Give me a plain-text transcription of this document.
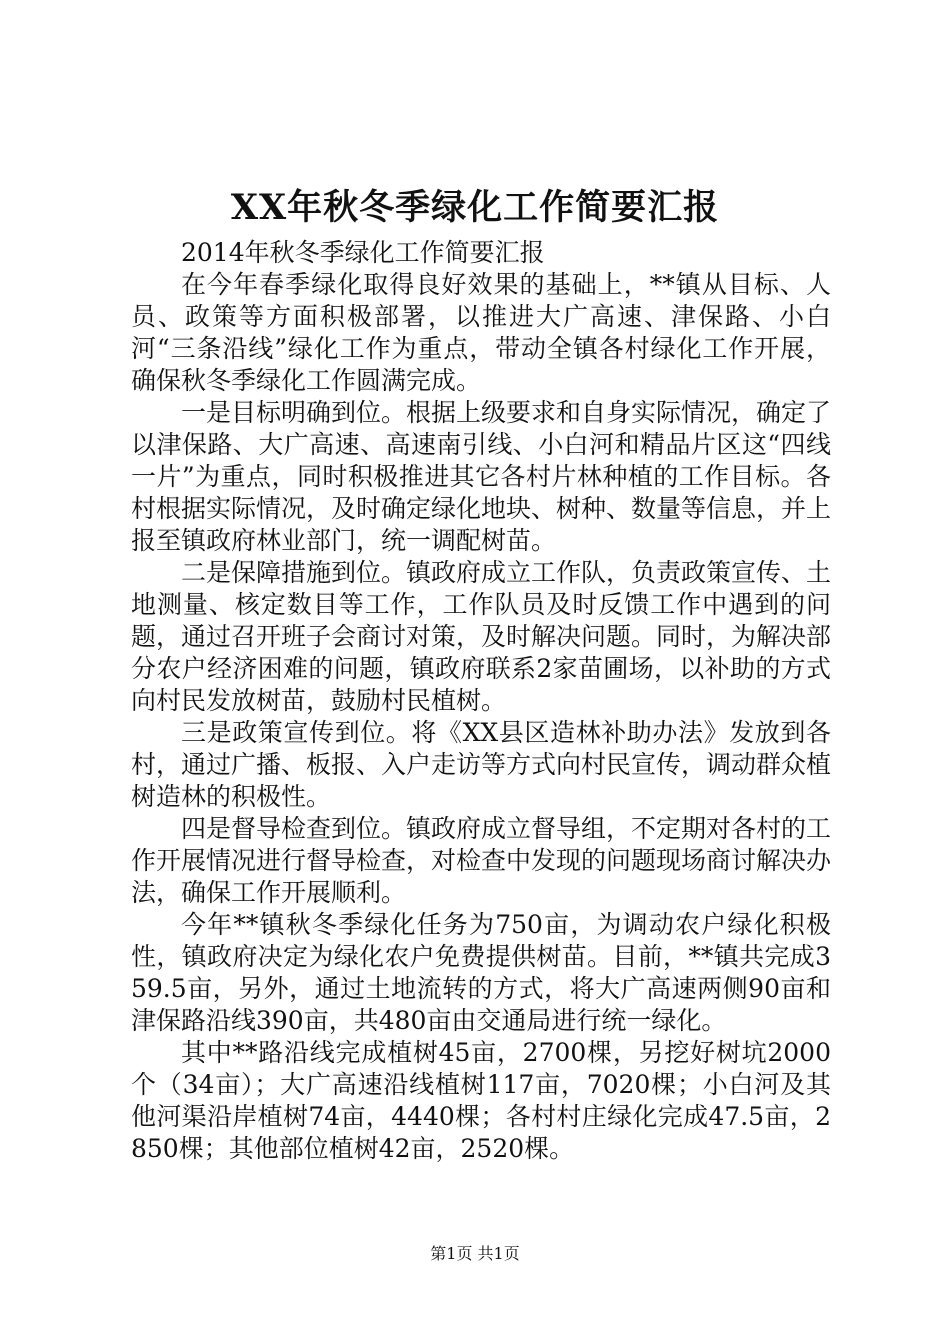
XX年秋冬季绿化工作简要汇报

2014年秋冬季绿化工作简要汇报

在今年春季绿化取得良好效果的基础上，**镇从目标、人员、政策等方面积极部署，以推进大广高速、津保路、小白河“三条沿线”绿化工作为重点，带动全镇各村绿化工作开展，确保秋冬季绿化工作圆满完成。

一是目标明确到位。根据上级要求和自身实际情况，确定了以津保路、大广高速、高速南引线、小白河和精品片区这“四线一片”为重点，同时积极推进其它各村片林种植的工作目标。各村根据实际情况，及时确定绿化地块、树种、数量等信息，并上报至镇政府林业部门，统一调配树苗。

二是保障措施到位。镇政府成立工作队，负责政策宣传、土地测量、核定数目等工作，工作队员及时反馈工作中遇到的问题，通过召开班子会商讨对策，及时解决问题。同时，为解决部分农户经济困难的问题，镇政府联系2家苗圃场，以补助的方式向村民发放树苗，鼓励村民植树。

三是政策宣传到位。将《XX县区造林补助办法》发放到各村，通过广播、板报、入户走访等方式向村民宣传，调动群众植树造林的积极性。

四是督导检查到位。镇政府成立督导组，不定期对各村的工作开展情况进行督导检查，对检查中发现的问题现场商讨解决办法，确保工作开展顺利。

今年**镇秋冬季绿化任务为750亩，为调动农户绿化积极性，镇政府决定为绿化农户免费提供树苗。目前，**镇共完成359.5亩，另外，通过土地流转的方式，将大广高速两侧90亩和津保路沿线390亩，共480亩由交通局进行统一绿化。

其中**路沿线完成植树45亩，2700棵，另挖好树坑2000个（34亩）；大广高速沿线植树117亩，7020棵；小白河及其他河渠沿岸植树74亩，4440棵；各村村庄绿化完成47.5亩，2850棵；其他部位植树42亩，2520棵。

第1页 共1页
